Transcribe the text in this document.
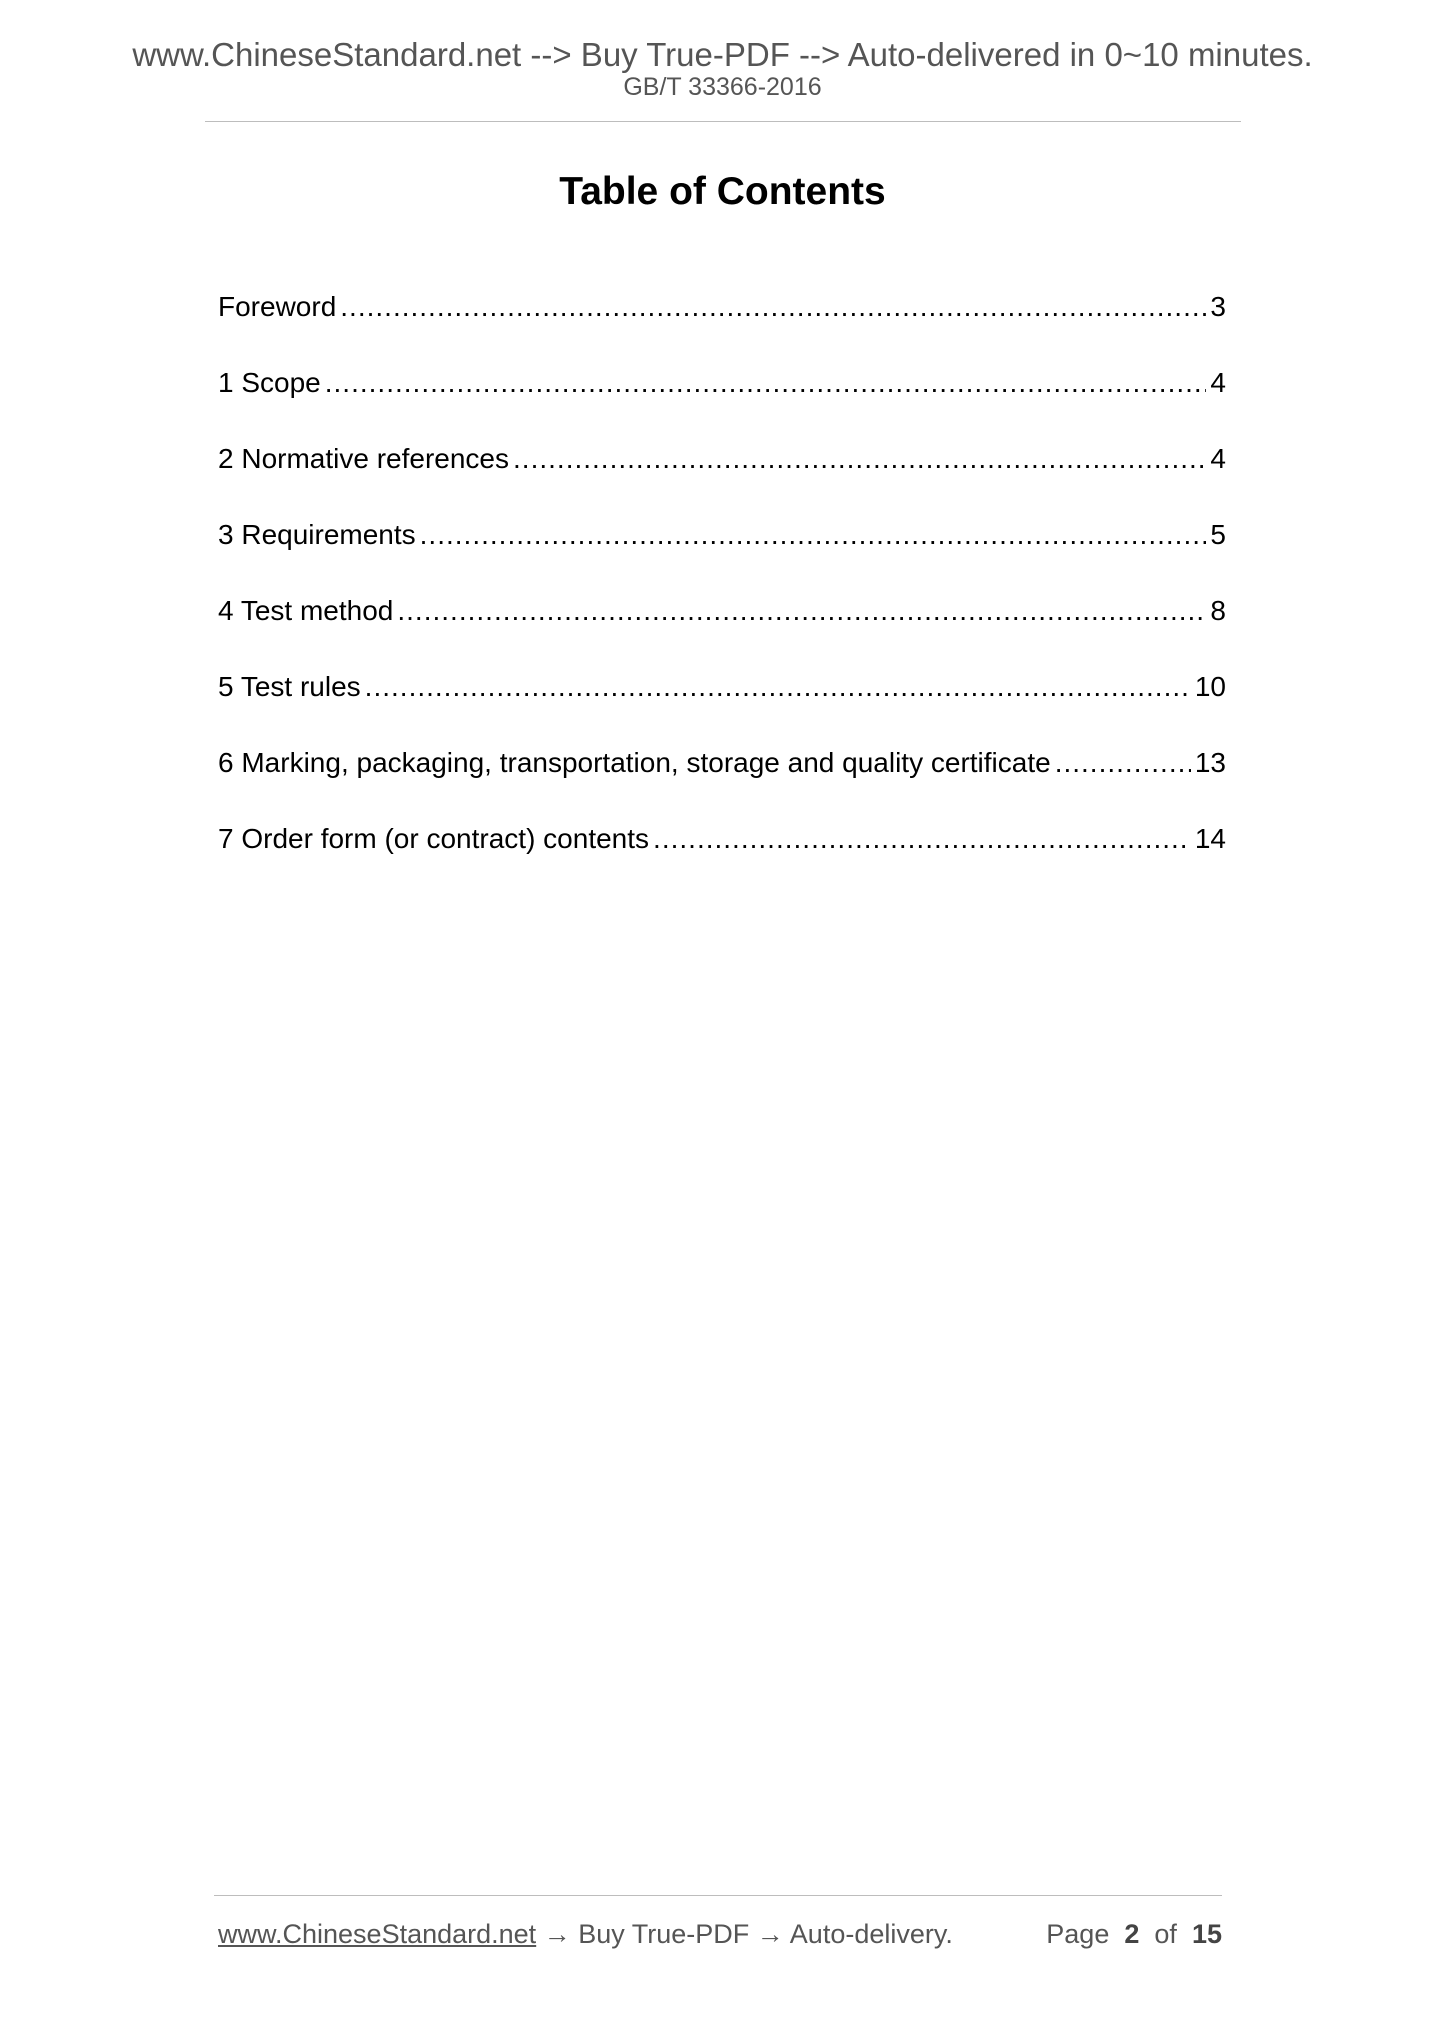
www.ChineseStandard.net --> Buy True-PDF --> Auto-delivered in 0~10 minutes.
GB/T 33366-2016
Table of Contents
Foreword .....	3
1 Scope .....	4
2 Normative references .....	4
3 Requirements .....	5
4 Test method .....	8
5 Test rules .....	10
6 Marking, packaging, transportation, storage and quality certificate .....	13
7 Order form (or contract) contents .....	14
www.ChineseStandard.net → Buy True-PDF → Auto-delivery.	Page 2 of 15
